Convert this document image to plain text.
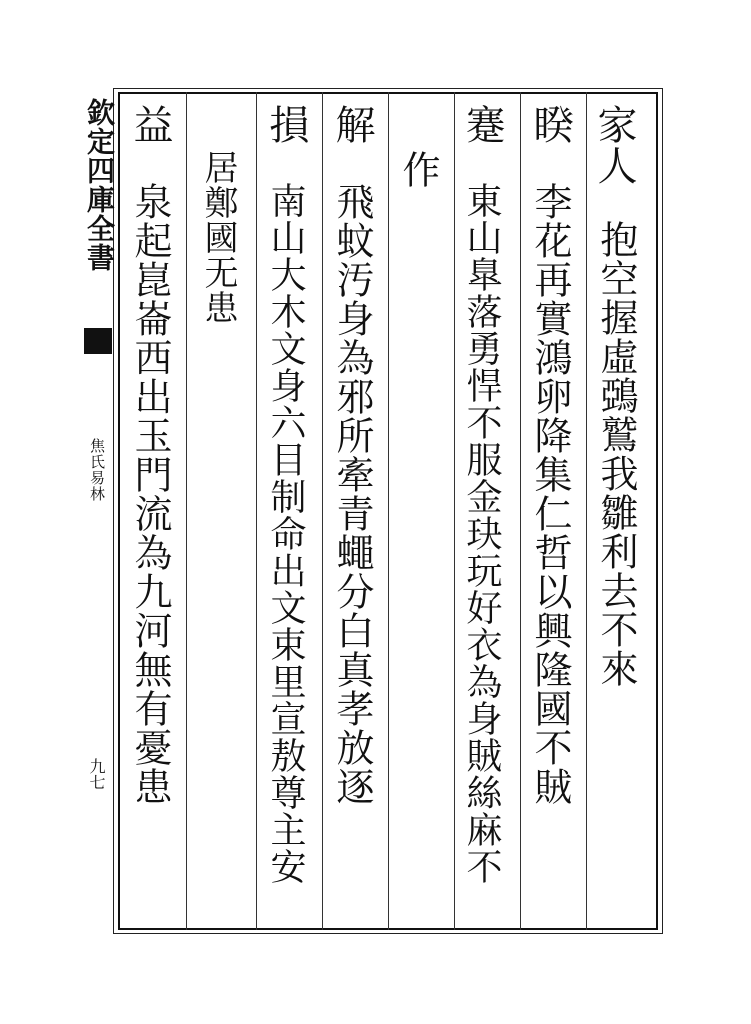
欽定四庫全書
焦氏易林
九七
家人
抱空握虛鵶鷲我雛利去不來
睽
李花再實鴻卵降集仁哲以興隆國不賊
蹇
東山臯落勇悍不服金玦玩好衣為身賊絲麻不
作
解
飛蚊汚身為邪所牽青蠅分白真孝放逐
損
南山大木文身六目制命出文束里宣敖尊主安
居鄭國无患
益
泉起崑崙西出玉門流為九河無有憂患
